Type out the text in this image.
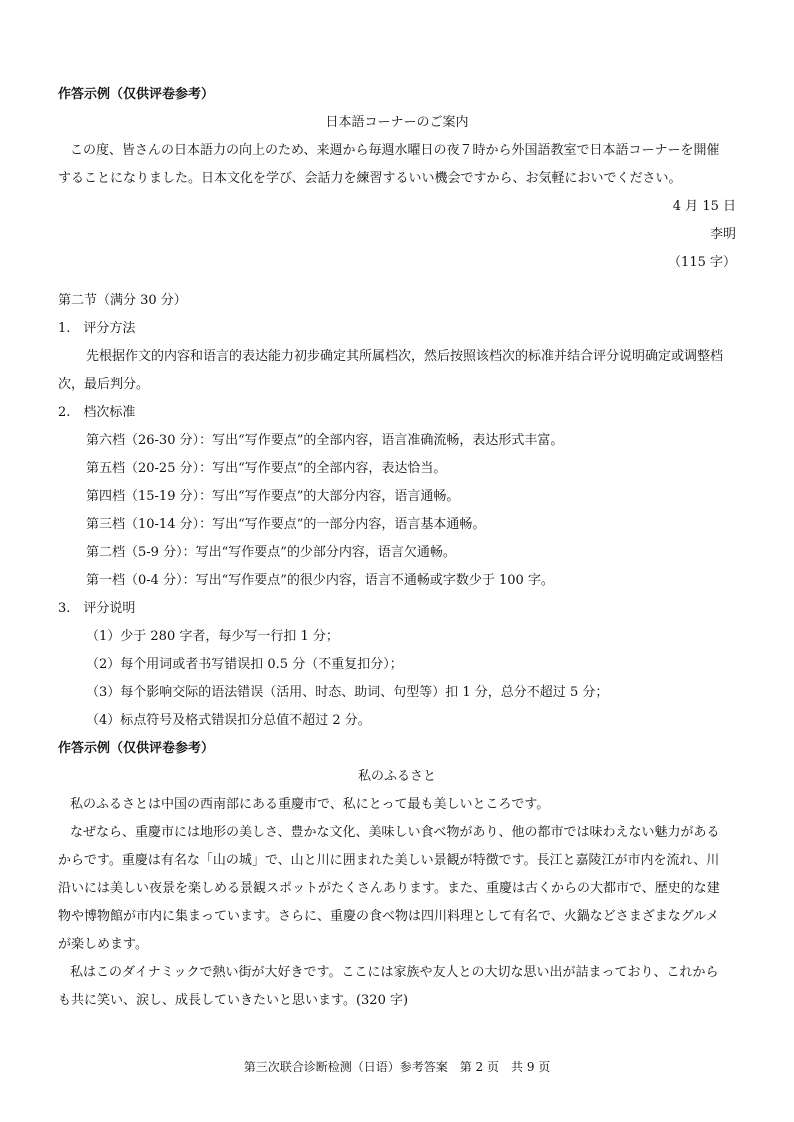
作答示例（仅供评卷参考）
日本語コーナーのご案内
この度、皆さんの日本語力の向上のため、来週から毎週水曜日の夜７時から外国語教室で日本語コーナーを開催
することになりました。日本文化を学び、会話力を練習するいい機会ですから、お気軽においでください。
4 月 15 日
李明
（115 字）
第二节（满分 30 分）
1.　评分方法
先根据作文的内容和语言的表达能力初步确定其所属档次，然后按照该档次的标准并结合评分说明确定或调整档
次，最后判分。
2.　档次标准
第六档（26-30 分）：写出“写作要点”的全部内容，语言准确流畅，表达形式丰富。
第五档（20-25 分）：写出“写作要点”的全部内容，表达恰当。
第四档（15-19 分）：写出“写作要点”的大部分内容，语言通畅。
第三档（10-14 分）：写出“写作要点”的一部分内容，语言基本通畅。
第二档（5-9 分）：写出“写作要点”的少部分内容，语言欠通畅。
第一档（0-4 分）：写出“写作要点”的很少内容，语言不通畅或字数少于 100 字。
3.　评分说明
（1）少于 280 字者，每少写一行扣 1 分；
（2）每个用词或者书写错误扣 0.5 分（不重复扣分）；
（3）每个影响交际的语法错误（活用、时态、助词、句型等）扣 1 分，总分不超过 5 分；
（4）标点符号及格式错误扣分总值不超过 2 分。
作答示例（仅供评卷参考）
私のふるさと
私のふるさとは中国の西南部にある重慶市で、私にとって最も美しいところです。
なぜなら、重慶市には地形の美しさ、豊かな文化、美味しい食べ物があり、他の都市では味わえない魅力がある
からです。重慶は有名な「山の城」で、山と川に囲まれた美しい景観が特徴です。長江と嘉陵江が市内を流れ、川
沿いには美しい夜景を楽しめる景観スポットがたくさんあります。また、重慶は古くからの大都市で、歴史的な建
物や博物館が市内に集まっています。さらに、重慶の食べ物は四川料理として有名で、火鍋などさまざまなグルメ
が楽しめます。
私はこのダイナミックで熱い街が大好きです。ここには家族や友人との大切な思い出が詰まっており、これから
も共に笑い、涙し、成長していきたいと思います。(320 字)
第三次联合诊断检测（日语）参考答案　第 2 页　共 9 页
